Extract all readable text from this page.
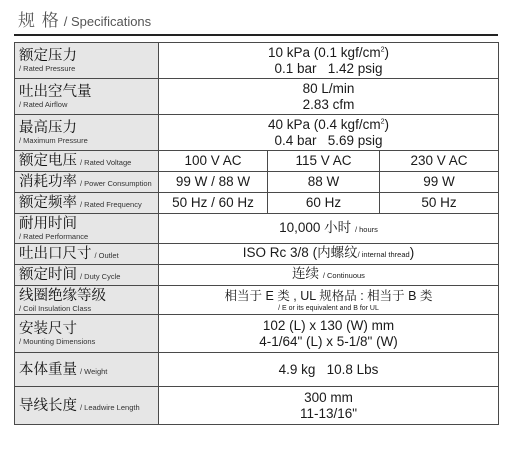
规 格 / Specifications
额定压力
/ Rated Pressure	10 kPa (0.1 kgf/$cm^2$)
0.1 bar   1.42 psig		
吐出空气量
/ Rated Airflow	80 L/min
2.83 cfm		
最高压力
/ Maximum Pressure	40 kPa (0.4 kgf/$cm^2$)
0.4 bar   5.69 psig		
额定电压 / Rated Voltage	100 V AC	115 V AC	230 V AC
消耗功率 / Power Consumption	99 W / 88 W	88 W	99 W
额定频率 / Rated Frequency	50 Hz / 60 Hz	60 Hz	50 Hz
耐用时间
/ Rated Performance	10,000 小时 / hours		
吐出口尺寸 / Outlet	ISO Rc 3/8 (内螺纹/ internal thread)		
额定时间 / Duty Cycle	连续 / Continuous		
线圈绝缘等级
/ Coil Insulation Class	相当于 E 类 , UL 规格品 : 相当于 B 类
/ E or its equivalent and B for UL		

安装尺寸
/ Mounting Dimensions	102 (L) x 130 (W) mm
4-1/64" (L) x 5-1/8" (W)		
本体重量 / Weight	4.9 kg   10.8 Lbs		
导线长度 / Leadwire Length	300 mm
11-13/16"		
